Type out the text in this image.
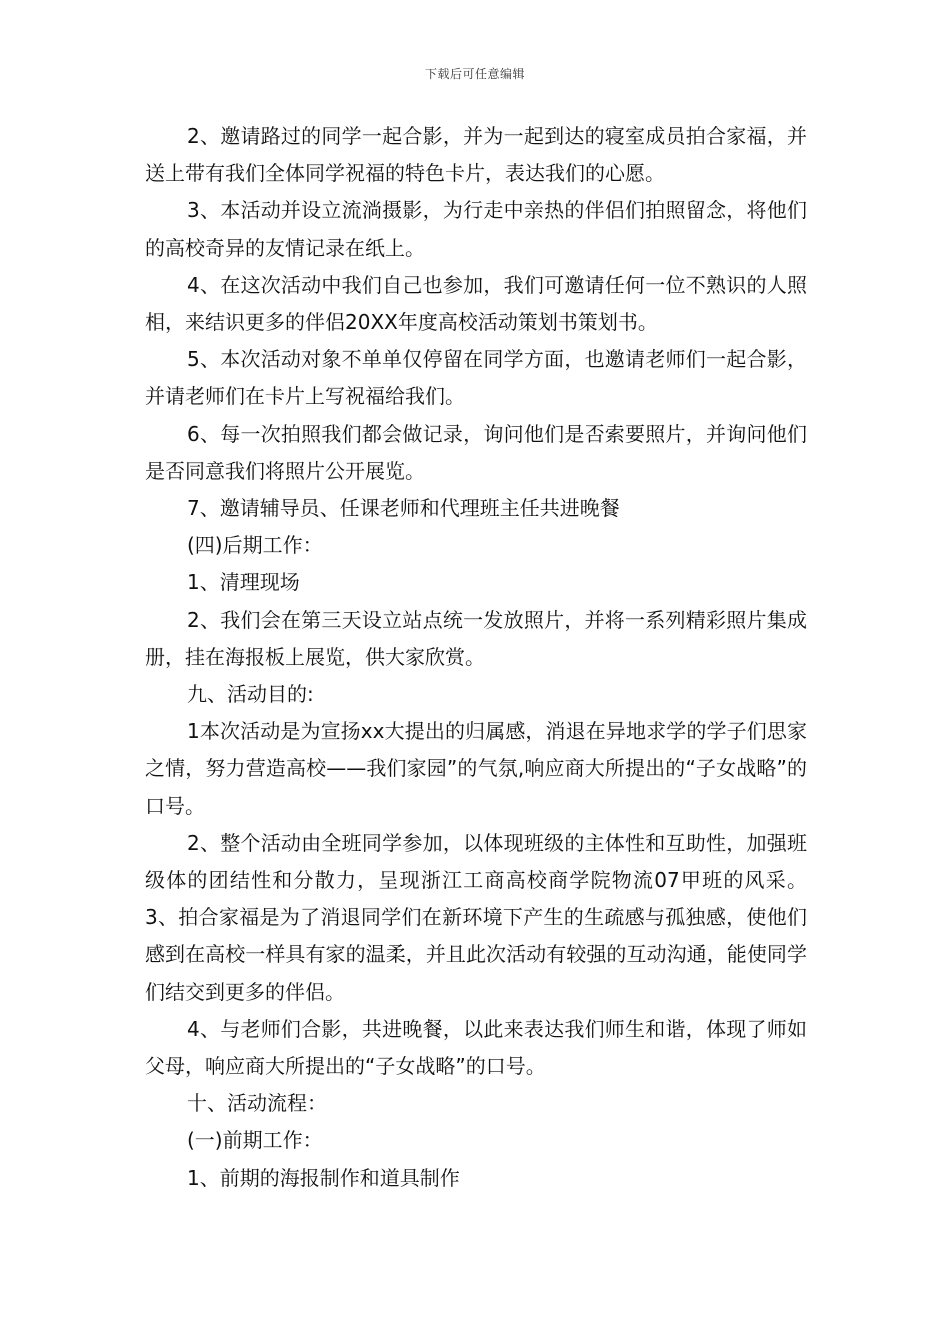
下载后可任意编辑

2、邀请路过的同学一起合影，并为一起到达的寝室成员拍合家福，并送上带有我们全体同学祝福的特色卡片，表达我们的心愿。

3、本活动并设立流淌摄影，为行走中亲热的伴侣们拍照留念，将他们的高校奇异的友情记录在纸上。

4、在这次活动中我们自己也参加，我们可邀请任何一位不熟识的人照相，来结识更多的伴侣20XX年度高校活动策划书策划书。

5、本次活动对象不单单仅停留在同学方面，也邀请老师们一起合影，并请老师们在卡片上写祝福给我们。

6、每一次拍照我们都会做记录，询问他们是否索要照片，并询问他们是否同意我们将照片公开展览。

7、邀请辅导员、任课老师和代理班主任共进晚餐

(四)后期工作：

1、清理现场

2、我们会在第三天设立站点统一发放照片，并将一系列精彩照片集成册，挂在海报板上展览，供大家欣赏。

九、活动目的:

1本次活动是为宣扬xx大提出的归属感，消退在异地求学的学子们思家之情，努力营造高校——我们家园”的气氛,响应商大所提出的“子女战略”的口号。

2、整个活动由全班同学参加，以体现班级的主体性和互助性，加强班级体的团结性和分散力，呈现浙江工商高校商学院物流07甲班的风采。 3、拍合家福是为了消退同学们在新环境下产生的生疏感与孤独感，使他们感到在高校一样具有家的温柔，并且此次活动有较强的互动沟通，能使同学们结交到更多的伴侣。

4、与老师们合影，共进晚餐，以此来表达我们师生和谐，体现了师如父母，响应商大所提出的“子女战略”的口号。

十、活动流程：

(一)前期工作：

1、前期的海报制作和道具制作
